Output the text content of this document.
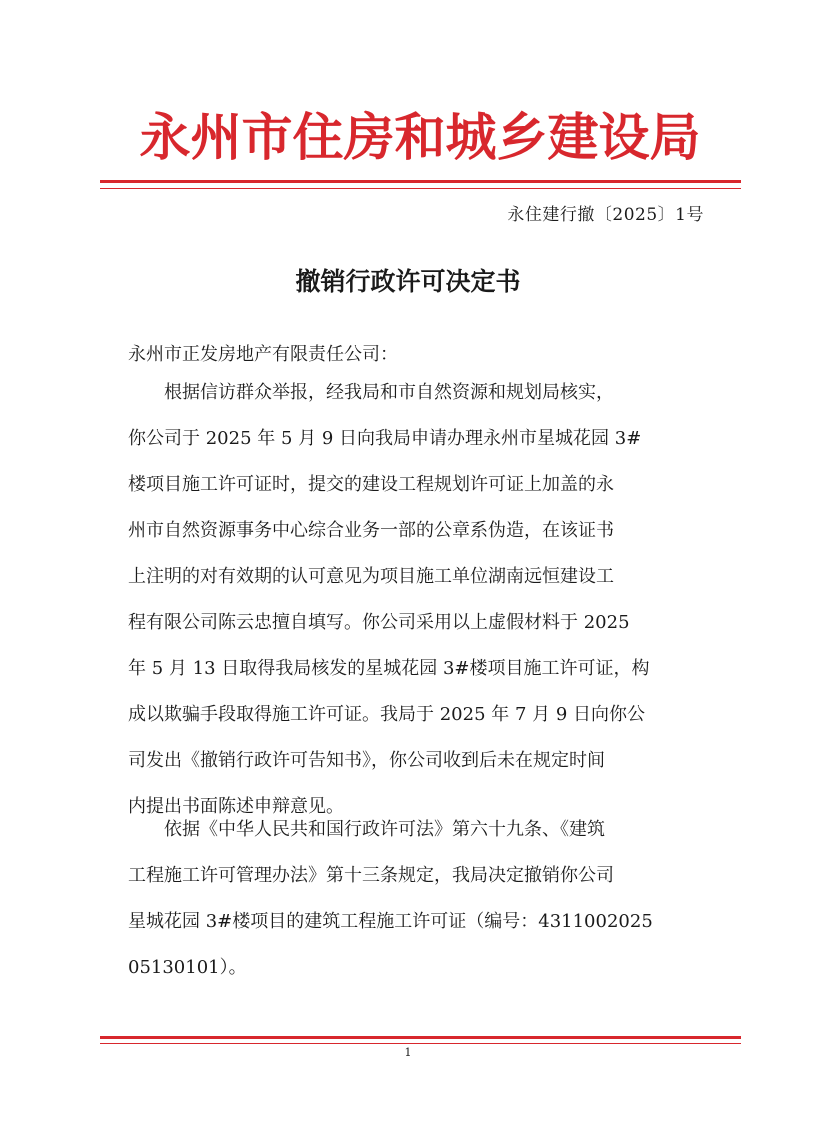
永州市住房和城乡建设局
永住建行撤〔2025〕1号
撤销行政许可决定书
永州市正发房地产有限责任公司：
根据信访群众举报，经我局和市自然资源和规划局核实，
你公司于 2025 年 5 月 9 日向我局申请办理永州市星城花园 3#
楼项目施工许可证时，提交的建设工程规划许可证上加盖的永
州市自然资源事务中心综合业务一部的公章系伪造，在该证书
上注明的对有效期的认可意见为项目施工单位湖南远恒建设工
程有限公司陈云忠擅自填写。你公司采用以上虚假材料于 2025
年 5 月 13 日取得我局核发的星城花园 3#楼项目施工许可证，构
成以欺骗手段取得施工许可证。我局于 2025 年 7 月 9 日向你公
司发出《撤销行政许可告知书》，你公司收到后未在规定时间
内提出书面陈述申辩意见。
依据《中华人民共和国行政许可法》第六十九条、《建筑
工程施工许可管理办法》第十三条规定，我局决定撤销你公司
星城花园 3#楼项目的建筑工程施工许可证（编号：4311002025
05130101）。
1
